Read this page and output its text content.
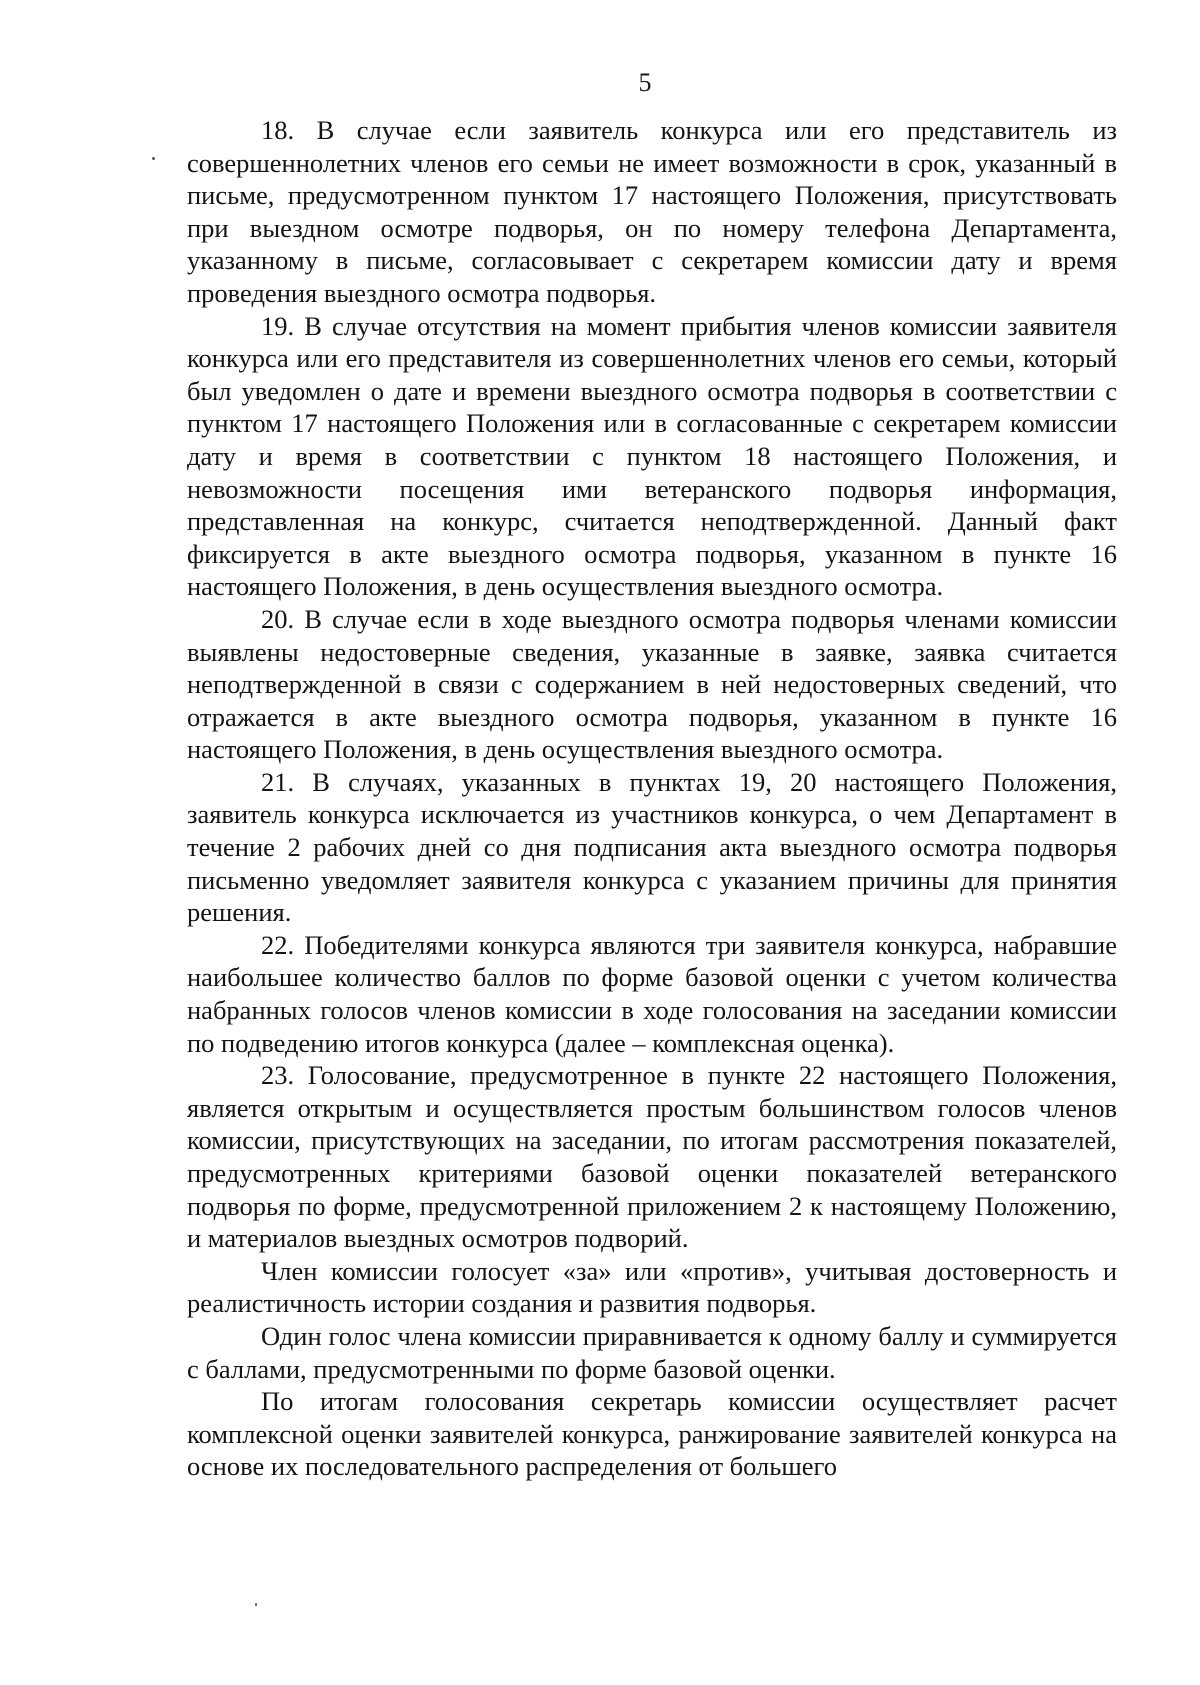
5

18. В случае если заявитель конкурса или его представитель из совершеннолетних членов его семьи не имеет возможности в срок, указанный в письме, предусмотренном пунктом 17 настоящего Положения, присутствовать при выездном осмотре подворья, он по номеру телефона Департамента, указанному в письме, согласовывает с секретарем комиссии дату и время проведения выездного осмотра подворья.

19. В случае отсутствия на момент прибытия членов комиссии заявителя конкурса или его представителя из совершеннолетних членов его семьи, который был уведомлен о дате и времени выездного осмотра подворья в соответствии с пунктом 17 настоящего Положения или в согласованные с секретарем комиссии дату и время в соответствии с пунктом 18 настоящего Положения, и невозможности посещения ими ветеранского подворья информация, представленная на конкурс, считается неподтвержденной. Данный факт фиксируется в акте выездного осмотра подворья, указанном в пункте 16 настоящего Положения, в день осуществления выездного осмотра.

20. В случае если в ходе выездного осмотра подворья членами комиссии выявлены недостоверные сведения, указанные в заявке, заявка считается неподтвержденной в связи с содержанием в ней недостоверных сведений, что отражается в акте выездного осмотра подворья, указанном в пункте 16 настоящего Положения, в день осуществления выездного осмотра.

21. В случаях, указанных в пунктах 19, 20 настоящего Положения, заявитель конкурса исключается из участников конкурса, о чем Департамент в течение 2 рабочих дней со дня подписания акта выездного осмотра подворья письменно уведомляет заявителя конкурса с указанием причины для принятия решения.

22. Победителями конкурса являются три заявителя конкурса, набравшие наибольшее количество баллов по форме базовой оценки с учетом количества набранных голосов членов комиссии в ходе голосования на заседании комиссии по подведению итогов конкурса (далее – комплексная оценка).

23. Голосование, предусмотренное в пункте 22 настоящего Положения, является открытым и осуществляется простым большинством голосов членов комиссии, присутствующих на заседании, по итогам рассмотрения показателей, предусмотренных критериями базовой оценки показателей ветеранского подворья по форме, предусмотренной приложением 2 к настоящему Положению, и материалов выездных осмотров подворий.

Член комиссии голосует «за» или «против», учитывая достоверность и реалистичность истории создания и развития подворья.

Один голос члена комиссии приравнивается к одному баллу и суммируется с баллами, предусмотренными по форме базовой оценки.

По итогам голосования секретарь комиссии осуществляет расчет комплексной оценки заявителей конкурса, ранжирование заявителей конкурса на основе их последовательного распределения от большего
